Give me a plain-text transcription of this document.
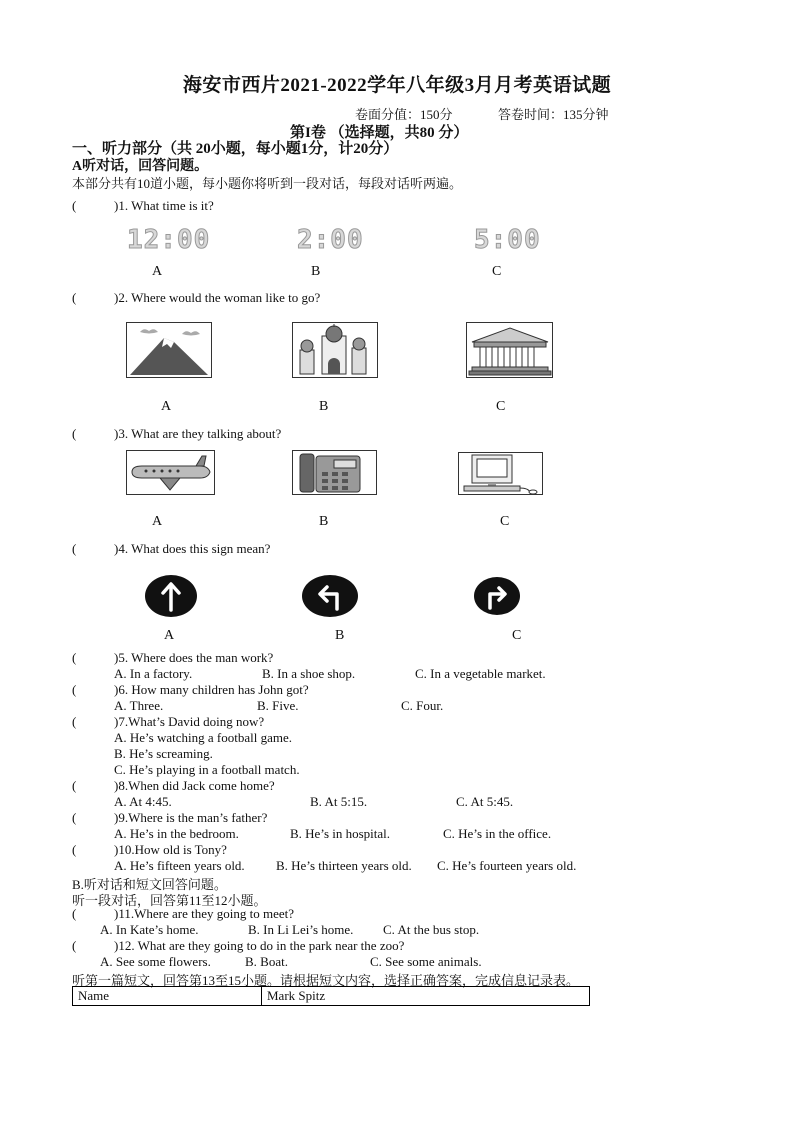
海安市西片2021-2022学年八年级3月月考英语试题
卷面分值：150分	答卷时间：135分钟
第I卷 （选择题，共80 分）
一、听力部分（共 20小题，每小题1分，计20分）
A听对话，回答问题。
本部分共有10道小题，每小题你将听到一段对话，每段对话听两遍。
(	)1. What time is it?
12:00	2:00	5:00
A	B	C
(	)2. Where would the woman like to go?
A	B	C
(	)3. What are they talking about?
A	B	C
(	)4. What does this sign mean?
A	B	C
(	)5. Where does the man work?
A. In a factory.	B. In a shoe shop.	C. In a vegetable market.
(	)6. How many children has John got?
A. Three.	B. Five.	C. Four.
(	)7.What’s David doing now?
A. He’s watching a football game.
B. He’s screaming.
C. He’s playing in a football match.
(	)8.When did Jack come home?
A. At 4:45.	B. At 5:15.	C. At 5:45.
(	)9.Where is the man’s father?
A. He’s in the bedroom.	B. He’s in hospital.	C. He’s in the office.
(	)10.How old is Tony?
A. He’s fifteen years old. B. He’s thirteen years old. C. He’s fourteen years old.
B.听对话和短文回答问题。
听一段对话，回答第11至12小题。
(	)11.Where are they going to meet?
A. In Kate’s home.	B. In Li Lei’s home. C. At the bus stop.
(	)12. What are they going to do in the park near the zoo?
A. See some flowers.	B. Boat.	C. See some animals.
听第一篇短文，回答第13至15小题。请根据短文内容，选择正确答案，完成信息记录表。
Name	Mark Spitz
